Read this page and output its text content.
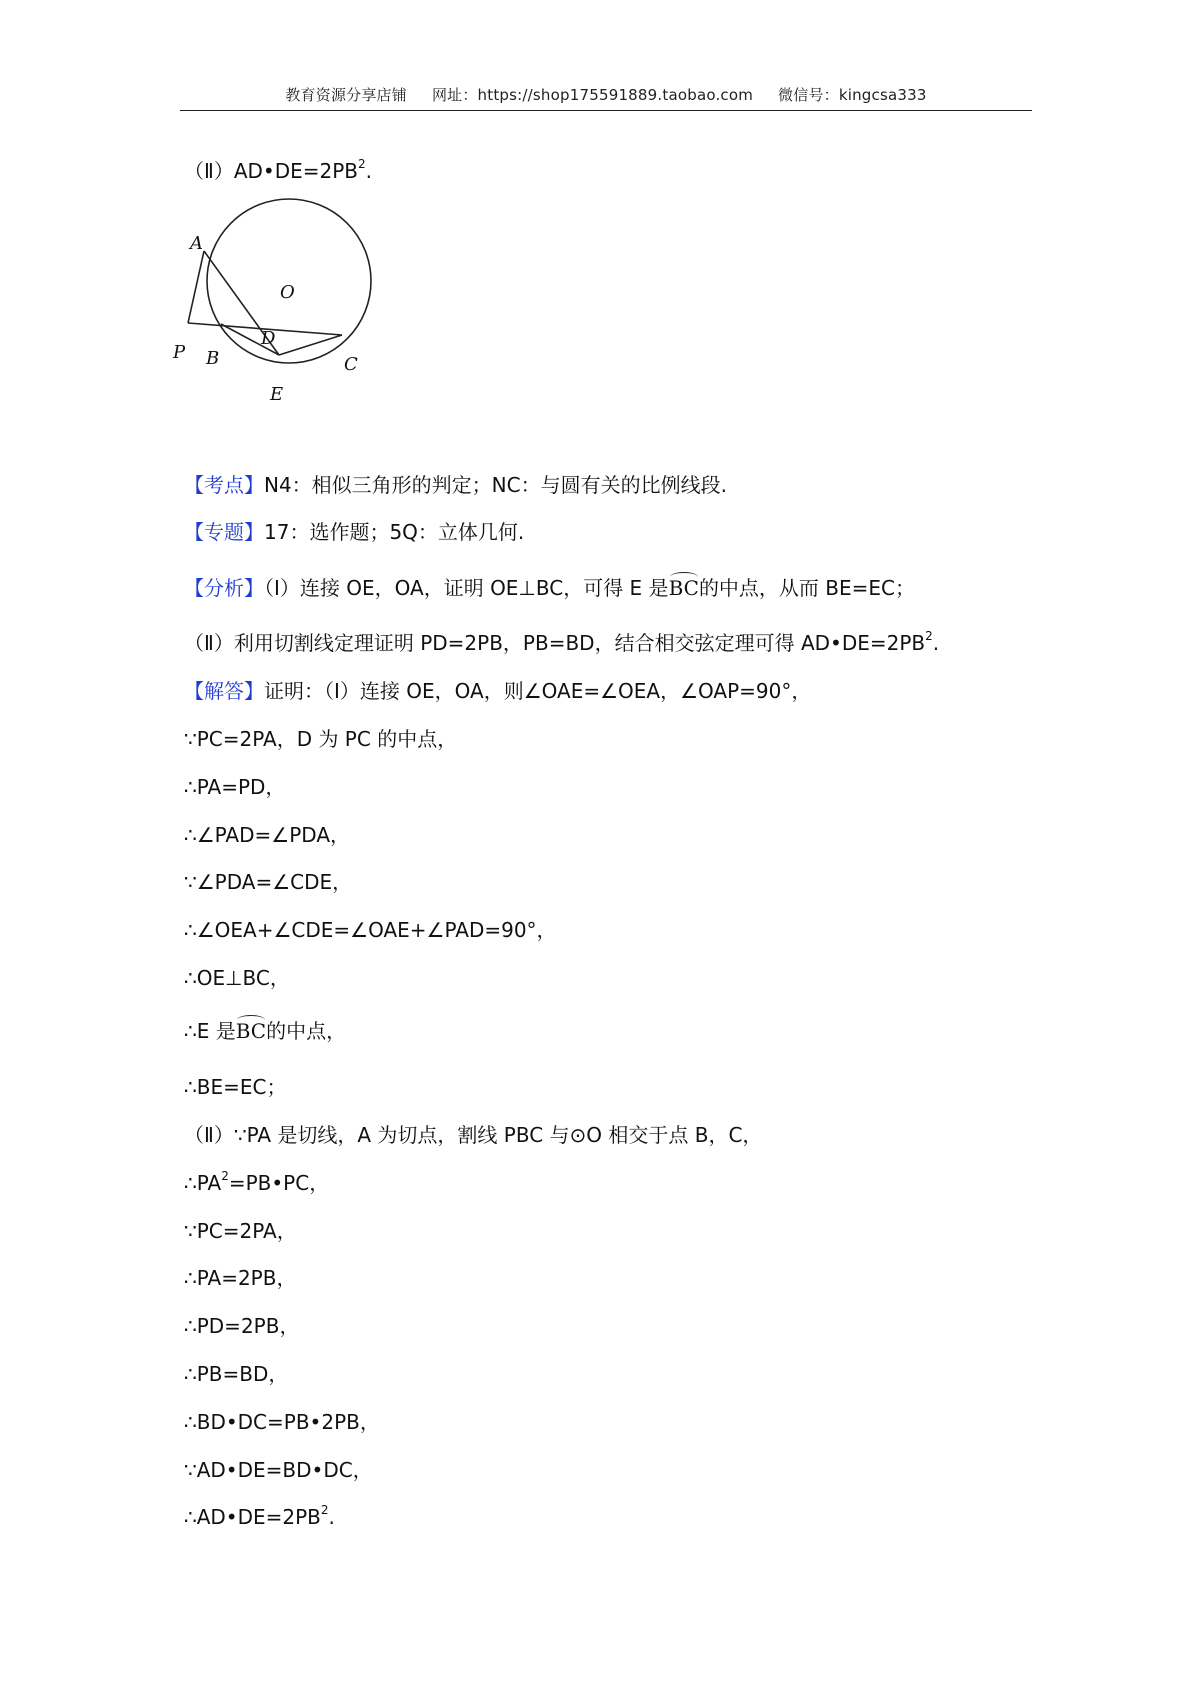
教育资源分享店铺 网址：https://shop175591889.taobao.com 微信号：kingcsa333
$(Ⅱ)AD•DE=2PB^2$.
A
O
D
P B
E
C
【考点】N4：相似三角形的判定；NC：与圆有关的比例线段.
【专题】17：选作题；5Q：立体几何.
【分析】（Ⅰ）连接 OE，OA，证明 OE⊥BC，可得 E 是BC的中点，从而 BE=EC；
（Ⅱ）利用切割线定理证明 PD=2PB，PB=BD，结合相交弦定理可得 $AD•DE=2PB^2$.
【解答】证明：（Ⅰ）连接 OE，OA，则∠OAE=∠OEA，∠OAP=90°，
∵PC=2PA，D 为 PC 的中点，
∴PA=PD，
∴∠PAD=∠PDA，
∵∠PDA=∠CDE，
∴∠OEA+∠CDE=∠OAE+∠PAD=90°，
∴OE⊥BC，
∴E 是BC的中点，
∴BE=EC；
（Ⅱ）∵PA 是切线，A 为切点，割线 PBC 与⊙O 相交于点 B，C，
$\therefore PA^2=PB•PC$，
∵PC=2PA，
∴PA=2PB，
∴PD=2PB，
∴PB=BD，
∴BD•DC=PB•2PB，
∵AD•DE=BD•DC，
$\therefore AD•DE=2PB^2$.
